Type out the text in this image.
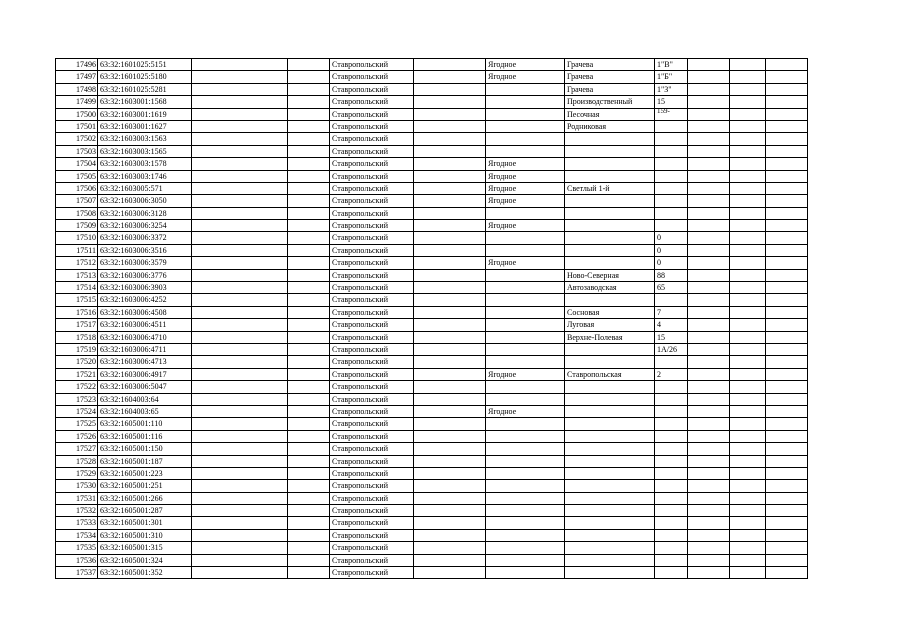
17496	63:32:1601025:5151			Ставропольский		Ягодное	Грачева	1"В"			
17497	63:32:1601025:5180			Ставропольский		Ягодное	Грачева	1"Б"			
17498	63:32:1601025:5281			Ставропольский			Грачева	1"З"			
17499	63:32:1603001:1568			Ставропольский			Производственный	15			
17500	63:32:1603001:1619			Ставропольский			Песочная	159-			

17501	63:32:1603001:1627			Ставропольский			Родниковая				
17502	63:32:1603003:1563			Ставропольский							
17503	63:32:1603003:1565			Ставропольский							
17504	63:32:1603003:1578			Ставропольский		Ягодное					
17505	63:32:1603003:1746			Ставропольский		Ягодное					
17506	63:32:1603005:571			Ставропольский		Ягодное	Светлый 1-й				
17507	63:32:1603006:3050			Ставропольский		Ягодное					
17508	63:32:1603006:3128			Ставропольский							
17509	63:32:1603006:3254			Ставропольский		Ягодное					
17510	63:32:1603006:3372			Ставропольский				0			
17511	63:32:1603006:3516			Ставропольский				0			
17512	63:32:1603006:3579			Ставропольский		Ягодное		0			
17513	63:32:1603006:3776			Ставропольский			Ново-Северная	88			
17514	63:32:1603006:3903			Ставропольский			Автозаводская	65			
17515	63:32:1603006:4252			Ставропольский							
17516	63:32:1603006:4508			Ставропольский			Сосновая	7			
17517	63:32:1603006:4511			Ставропольский			Луговая	4			
17518	63:32:1603006:4710			Ставропольский			Верхне-Полевая	15			
17519	63:32:1603006:4711			Ставропольский				1А/26			
17520	63:32:1603006:4713			Ставропольский							
17521	63:32:1603006:4917			Ставропольский		Ягодное	Ставропольская	2			
17522	63:32:1603006:5047			Ставропольский							
17523	63:32:1604003:64			Ставропольский							
17524	63:32:1604003:65			Ставропольский		Ягодное					
17525	63:32:1605001:110			Ставропольский							
17526	63:32:1605001:116			Ставропольский							
17527	63:32:1605001:150			Ставропольский							
17528	63:32:1605001:187			Ставропольский							
17529	63:32:1605001:223			Ставропольский							
17530	63:32:1605001:251			Ставропольский							
17531	63:32:1605001:266			Ставропольский							
17532	63:32:1605001:287			Ставропольский							
17533	63:32:1605001:301			Ставропольский							
17534	63:32:1605001:310			Ставропольский							
17535	63:32:1605001:315			Ставропольский							
17536	63:32:1605001:324			Ставропольский							
17537	63:32:1605001:352			Ставропольский							
